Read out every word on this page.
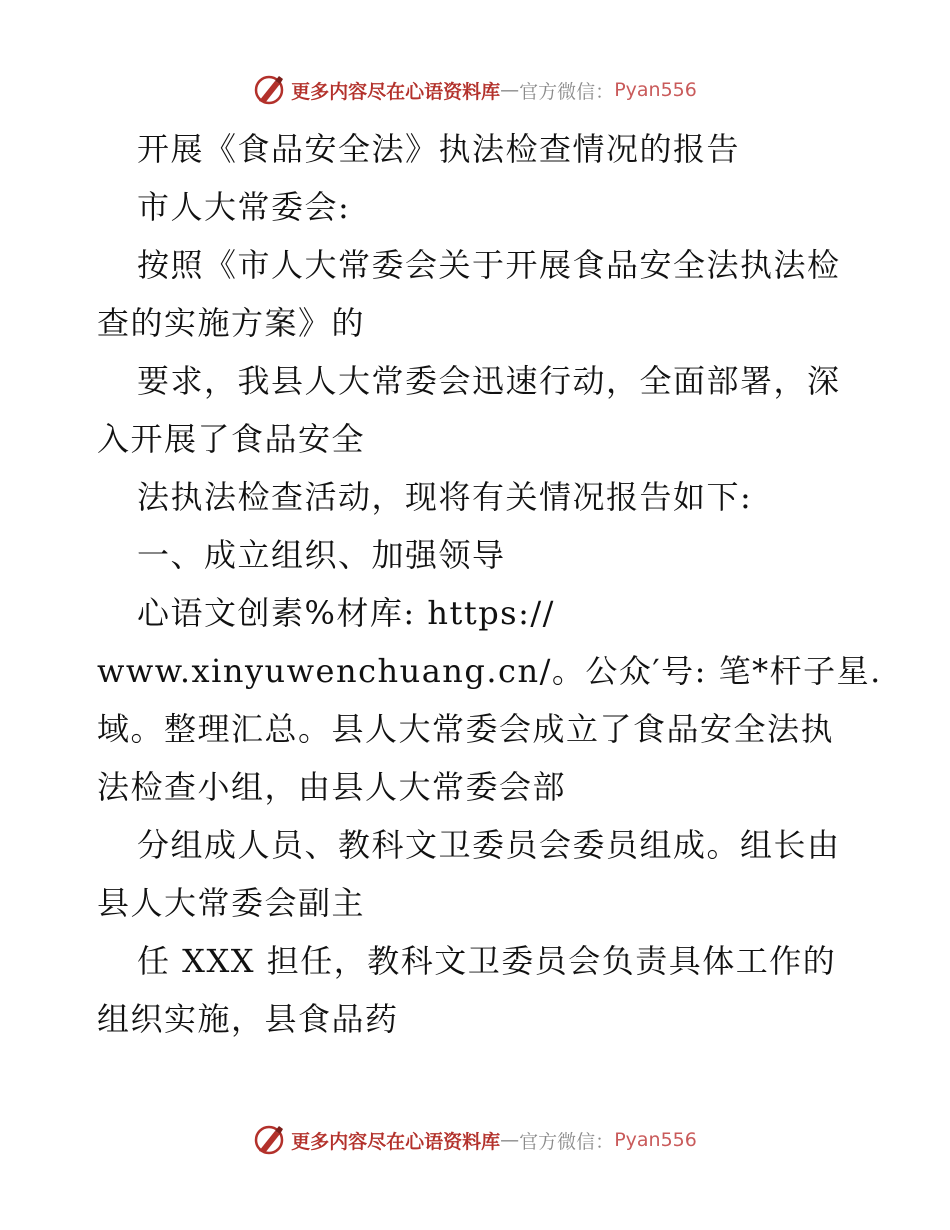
更多内容尽在心语资料库 — 官方微信： Pyan556

开展《食品安全法》执法检查情况的报告

市人大常委会:

按照《市人大常委会关于开展食品安全法执法检

查的实施方案》的

要求，我县人大常委会迅速行动，全面部署，深

入开展了食品安全

法执法检查活动，现将有关情况报告如下:

一、成立组织、加强领导

心语文创素%材库: https://

www.xinyuwenchuang.cn/。公众′号: 笔*杆子星.

域。整理汇总。县人大常委会成立了食品安全法执

法检查小组，由县人大常委会部

分组成人员、教科文卫委员会委员组成。组长由

县人大常委会副主

任 XXX 担任，教科文卫委员会负责具体工作的

组织实施，县食品药

更多内容尽在心语资料库 — 官方微信： Pyan556
